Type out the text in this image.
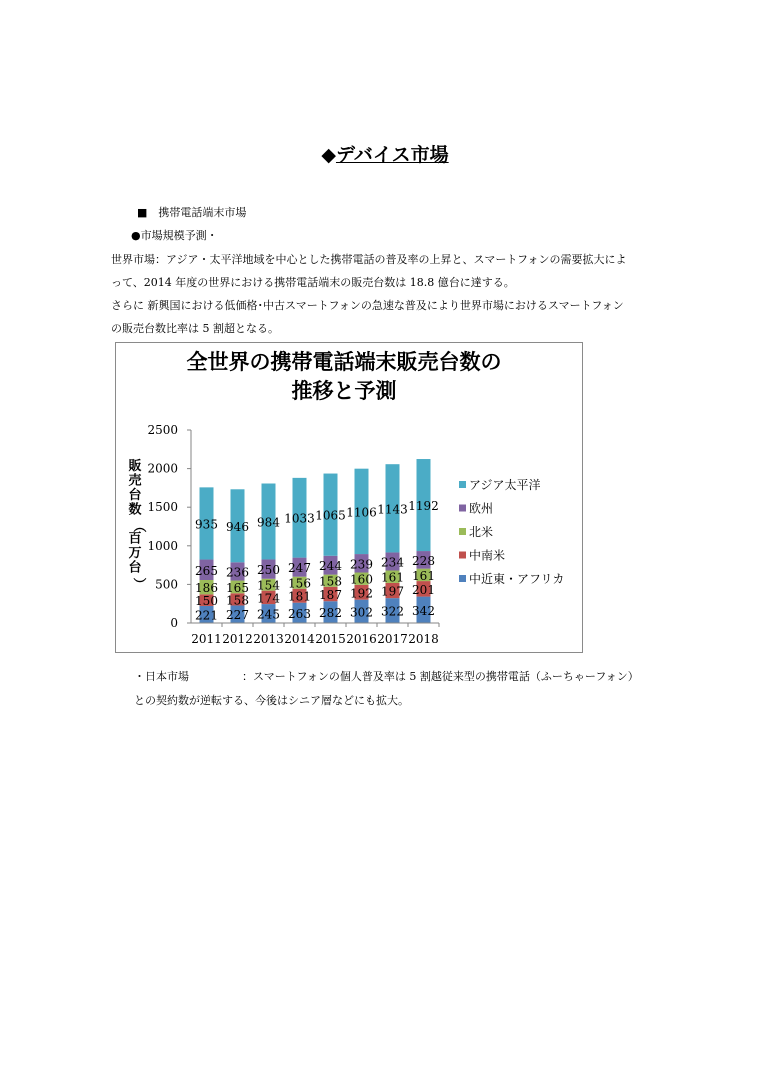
◆デバイス市場
■　携帯電話端末市場
●市場規模予測・
世界市場：アジア・太平洋地域を中心とした携帯電話の普及率の上昇と、スマートフォンの需要拡大によ
って、2014 年度の世界における携帯電話端末の販売台数は 18.8 億台に達する。
さらに 新興国における低価格･中古スマートフォンの急速な普及により世界市場におけるスマートフォン
の販売台数比率は 5 割超となる。
全世界の携帯電話端末販売台数の
推移と予測
販
売
台
数
（
百
万
台
）
0
500
1000
1500
2000
2500
221
150
186
265
935
227
158
165
236
946
245
174
154
250
984
263
181
156
247
1033
282
187
158
244
1065
302
192
160
239
1106
322
197
161
234
1143
342
201
161
228
1192
2011 2012 2013 2014 2015 2016 2017 2018
アジア太平洋
欧州
北米
中南米
中近東・アフリカ
・日本市場	：スマートフォンの個人普及率は 5 割越従来型の携帯電話（ふーちゃーフォン）
との契約数が逆転する、今後はシニア層などにも拡大。
